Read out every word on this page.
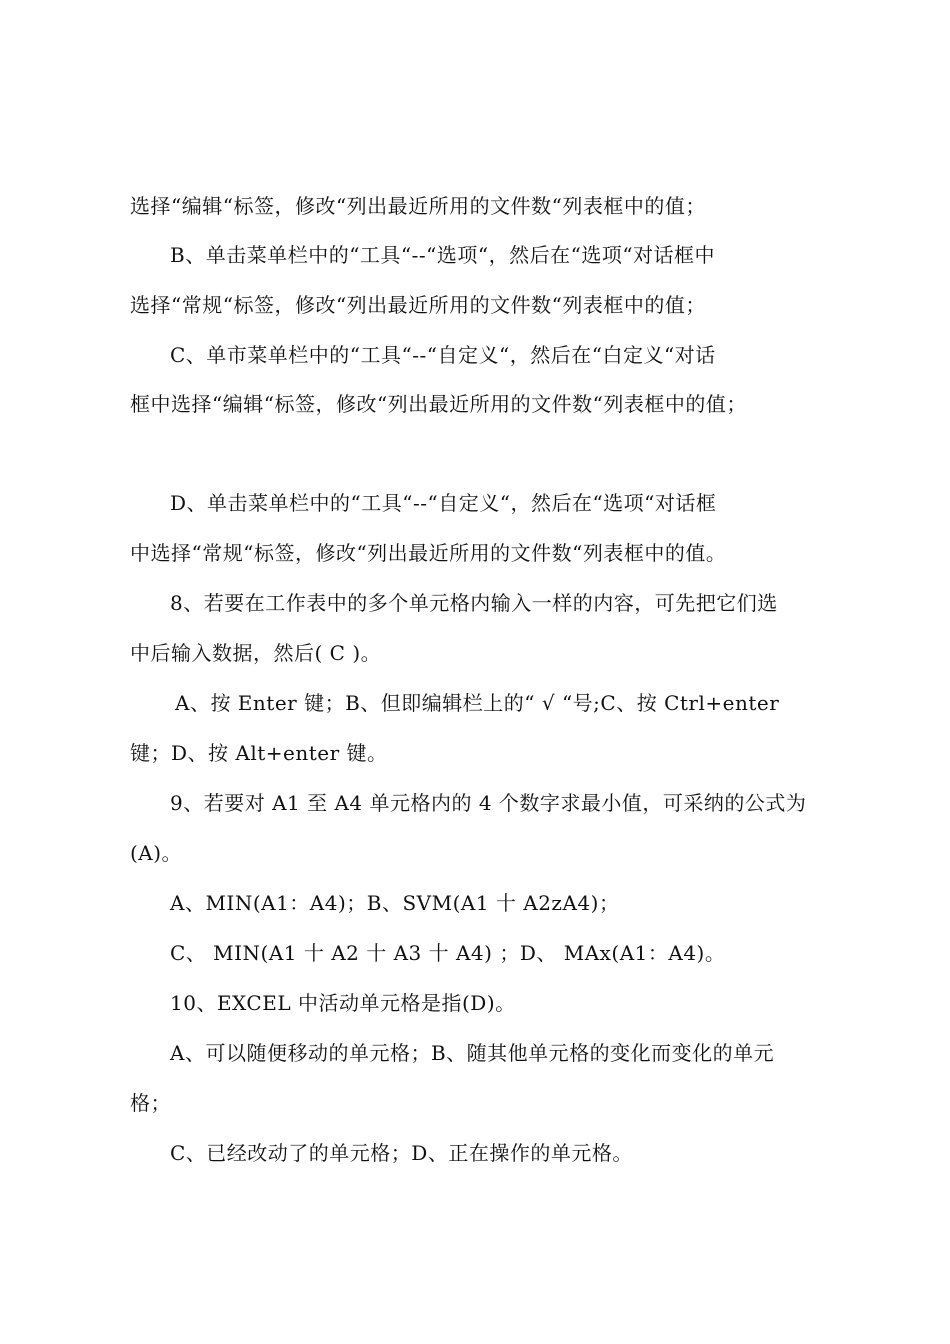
选择“编辑“标签，修改“列出最近所用的文件数“列表框中的值；
B、单击菜单栏中的“工具“--“选项“，然后在“选项“对话框中
选择“常规“标签，修改“列出最近所用的文件数“列表框中的值；
C、单市菜单栏中的“工具“--“自定义“，然后在“白定义“对话
框中选择“编辑“标签，修改“列出最近所用的文件数“列表框中的值；
D、单击菜单栏中的“工具“--“自定义“，然后在“选项“对话框
中选择“常规“标签，修改“列出最近所用的文件数“列表框中的值。
8、若要在工作表中的多个单元格内输入一样的内容，可先把它们选
中后输入数据，然后( C )。
A、按 Enter 键；B、但即编辑栏上的“ √ “号;C、按 Ctrl+enter
键；D、按 Alt+enter 键。
9、若要对 A1 至 A4 单元格内的 4 个数字求最小值，可采纳的公式为
(A)。
A、MIN(A1：A4)；B、SVM(A1 十 A2zA4)；
C、 MIN(A1 十 A2 十 A3 十 A4) ；D、 MAx(A1：A4)。
10、EXCEL 中活动单元格是指(D)。
A、可以随便移动的单元格；B、随其他单元格的变化而变化的单元
格；
C、已经改动了的单元格；D、正在操作的单元格。
